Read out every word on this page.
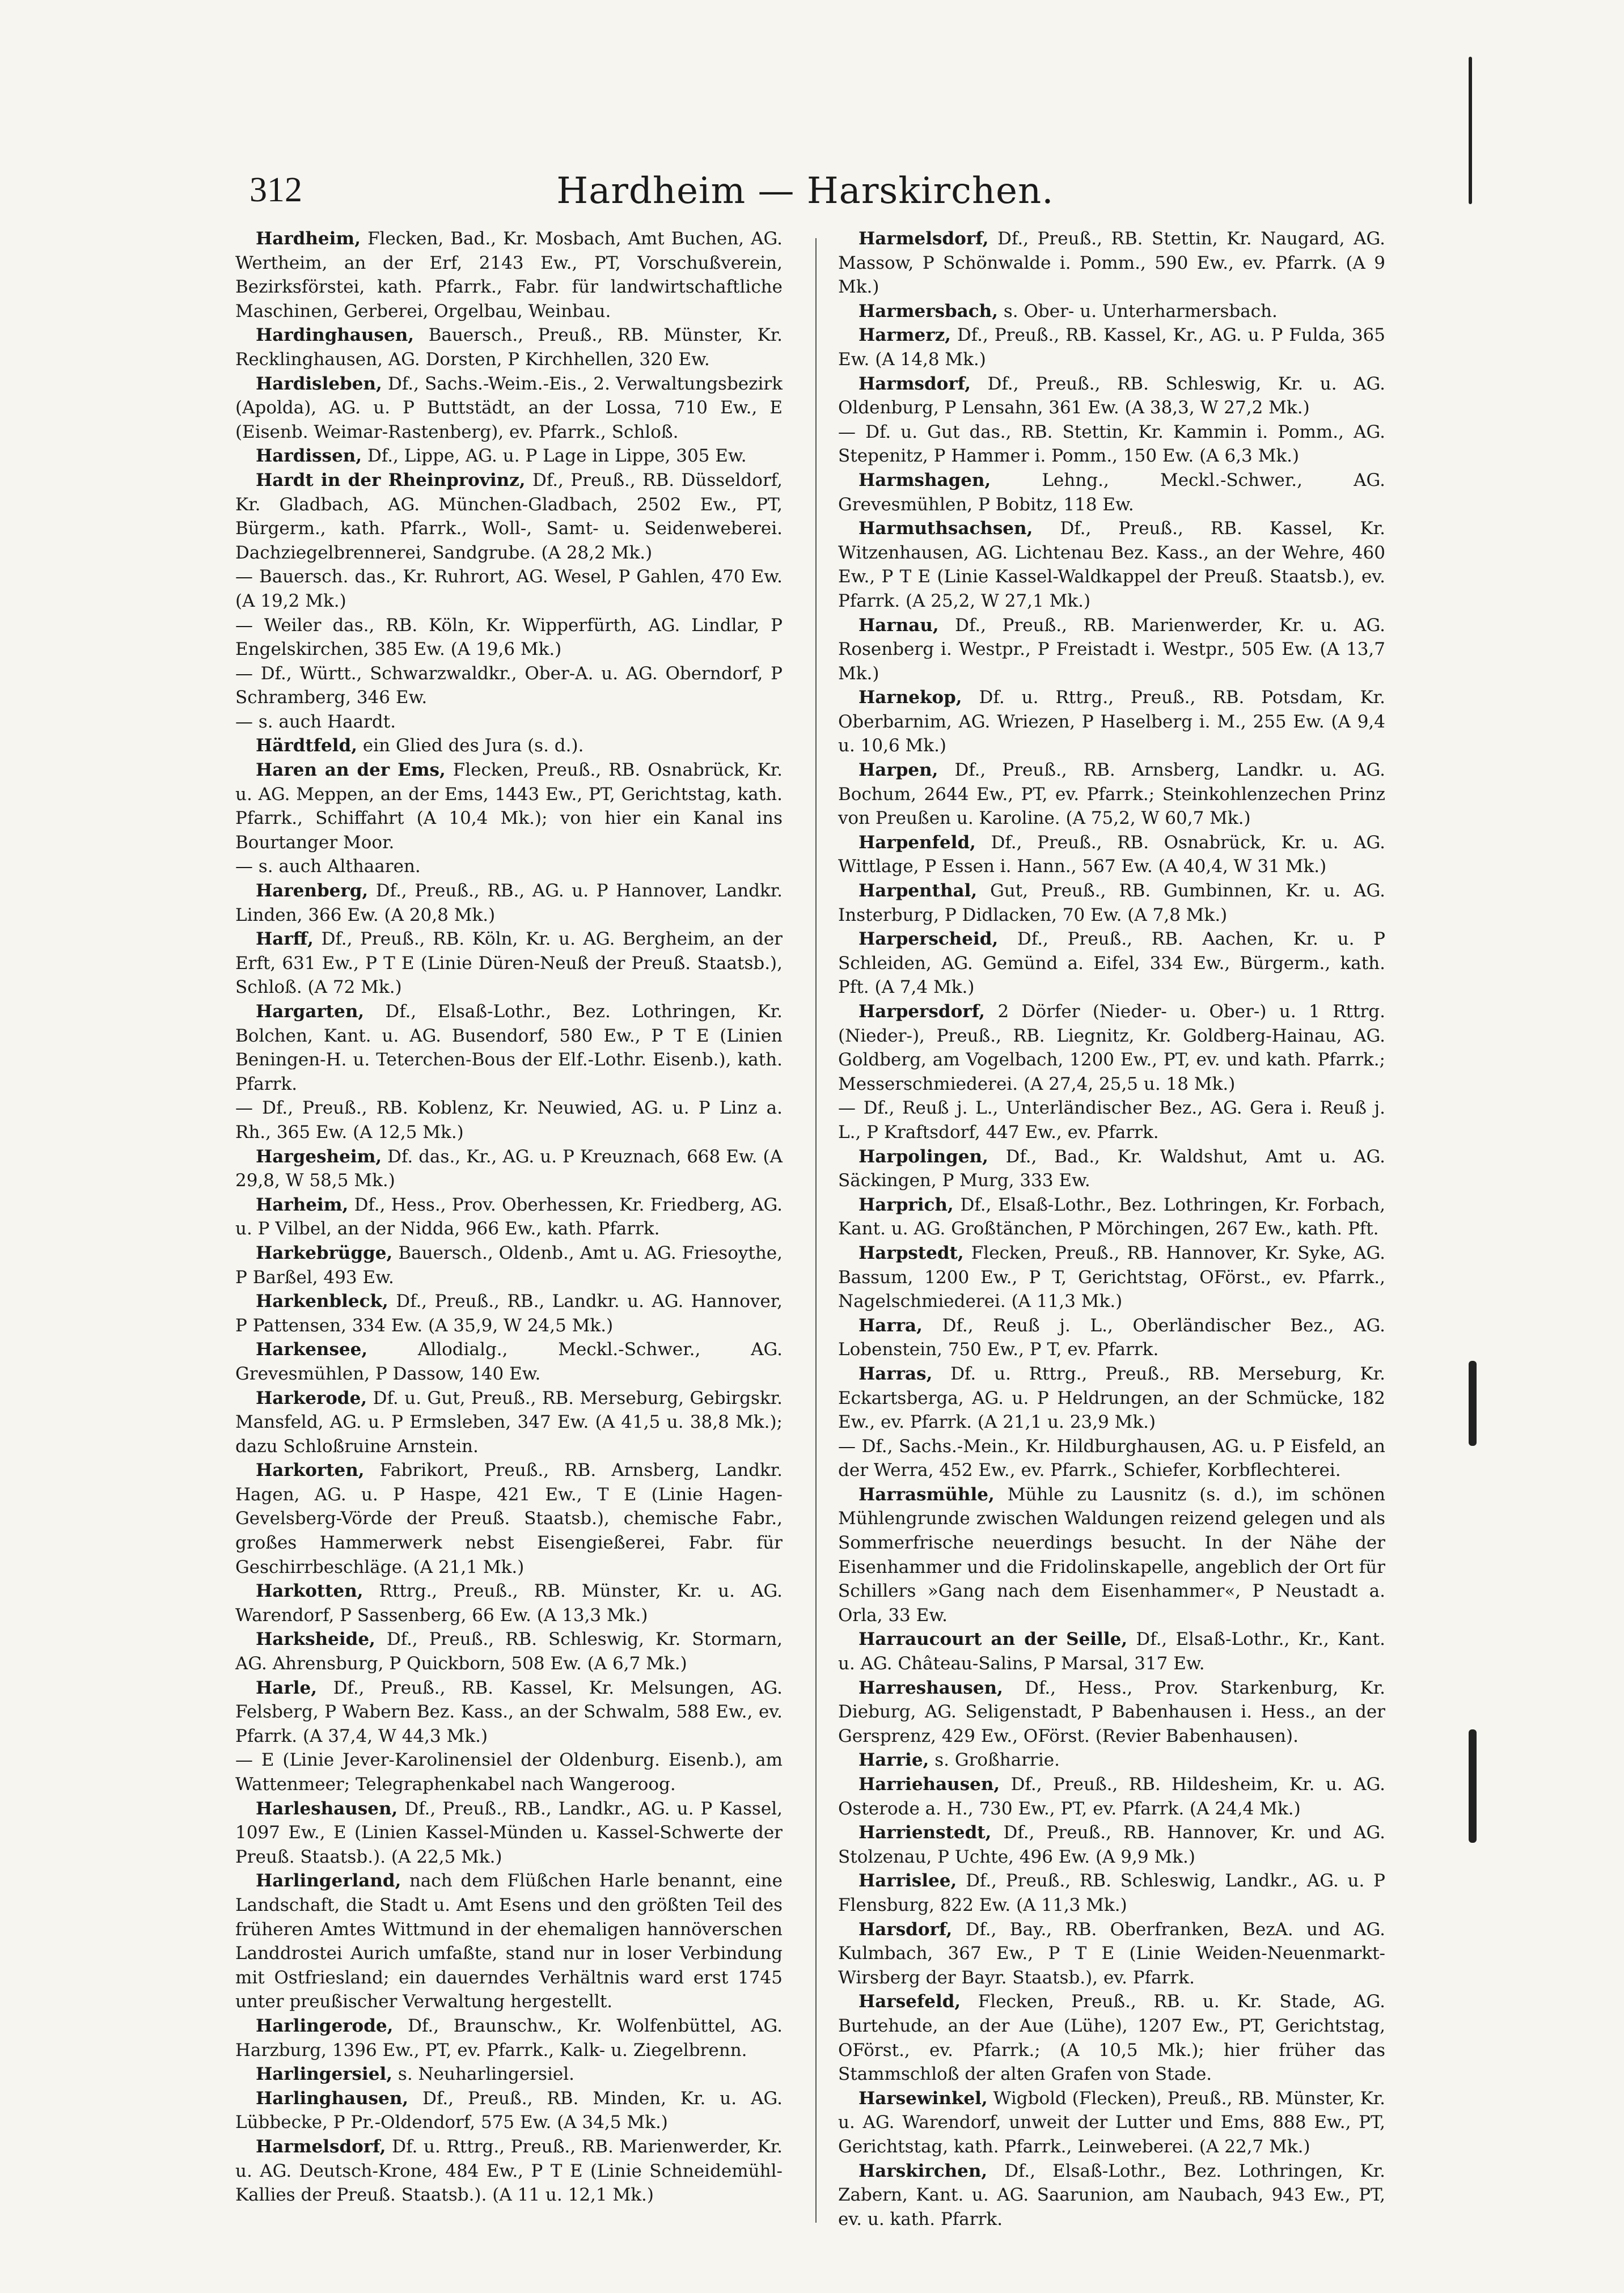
312	Hardheim — Harskirchen.

Hardheim, Flecken, Bad., Kr. Mosbach, Amt Buchen, AG. Wertheim, an der Erf, 2143 Ew., PT, Vorschußverein, Bezirksförstei, kath. Pfarrk., Fabr. für landwirtschaftliche Maschinen, Gerberei, Orgelbau, Weinbau.

Hardinghausen, Bauersch., Preuß., RB. Münster, Kr. Recklinghausen, AG. Dorsten, P Kirchhellen, 320 Ew.

Hardisleben, Df., Sachs.-Weim.-Eis., 2. Verwaltungsbezirk (Apolda), AG. u. P Buttstädt, an der Lossa, 710 Ew., E (Eisenb. Weimar-Rastenberg), ev. Pfarrk., Schloß.

Hardissen, Df., Lippe, AG. u. P Lage in Lippe, 305 Ew.

Hardt in der Rheinprovinz, Df., Preuß., RB. Düsseldorf, Kr. Gladbach, AG. München-Gladbach, 2502 Ew., PT, Bürgerm., kath. Pfarrk., Woll-, Samt- u. Seidenweberei. Dachziegelbrennerei, Sandgrube. (A 28,2 Mk.)

— Bauersch. das., Kr. Ruhrort, AG. Wesel, P Gahlen, 470 Ew. (A 19,2 Mk.)

— Weiler das., RB. Köln, Kr. Wipperfürth, AG. Lindlar, P Engelskirchen, 385 Ew. (A 19,6 Mk.)

— Df., Württ., Schwarzwaldkr., Ober-A. u. AG. Oberndorf, P Schramberg, 346 Ew.

— s. auch Haardt.

Härdtfeld, ein Glied des Jura (s. d.).

Haren an der Ems, Flecken, Preuß., RB. Osnabrück, Kr. u. AG. Meppen, an der Ems, 1443 Ew., PT, Gerichtstag, kath. Pfarrk., Schiffahrt (A 10,4 Mk.); von hier ein Kanal ins Bourtanger Moor.

— s. auch Althaaren.

Harenberg, Df., Preuß., RB., AG. u. P Hannover, Landkr. Linden, 366 Ew. (A 20,8 Mk.)

Harff, Df., Preuß., RB. Köln, Kr. u. AG. Bergheim, an der Erft, 631 Ew., P T E (Linie Düren-Neuß der Preuß. Staatsb.), Schloß. (A 72 Mk.)

Hargarten, Df., Elsaß-Lothr., Bez. Lothringen, Kr. Bolchen, Kant. u. AG. Busendorf, 580 Ew., P T E (Linien Beningen-H. u. Teterchen-Bous der Elf.-Lothr. Eisenb.), kath. Pfarrk.

— Df., Preuß., RB. Koblenz, Kr. Neuwied, AG. u. P Linz a. Rh., 365 Ew. (A 12,5 Mk.)

Hargesheim, Df. das., Kr., AG. u. P Kreuznach, 668 Ew. (A 29,8, W 58,5 Mk.)

Harheim, Df., Hess., Prov. Oberhessen, Kr. Friedberg, AG. u. P Vilbel, an der Nidda, 966 Ew., kath. Pfarrk.

Harkebrügge, Bauersch., Oldenb., Amt u. AG. Friesoythe, P Barßel, 493 Ew.

Harkenbleck, Df., Preuß., RB., Landkr. u. AG. Hannover, P Pattensen, 334 Ew. (A 35,9, W 24,5 Mk.)

Harkensee,	Allodialg., Meckl.-Schwer., AG. Grevesmühlen, P Dassow, 140 Ew.

Harkerode, Df. u. Gut, Preuß., RB. Merseburg, Gebirgskr. Mansfeld, AG. u. P Ermsleben, 347 Ew. (A 41,5 u. 38,8 Mk.); dazu Schloßruine Arnstein.

Harkorten, Fabrikort, Preuß., RB. Arnsberg, Landkr. Hagen, AG. u. P Haspe, 421 Ew., T E (Linie Hagen-Gevelsberg-Vörde der Preuß. Staatsb.), chemische Fabr., großes Hammerwerk nebst Eisengießerei, Fabr. für Geschirrbeschläge. (A 21,1 Mk.)

Harkotten, Rttrg., Preuß., RB. Münster, Kr. u. AG. Warendorf, P Sassenberg, 66 Ew. (A 13,3 Mk.)

Harksheide, Df., Preuß., RB. Schleswig, Kr. Stormarn, AG. Ahrensburg, P Quickborn, 508 Ew. (A 6,7 Mk.)

Harle, Df., Preuß., RB. Kassel, Kr. Melsungen, AG. Felsberg, P Wabern Bez. Kass., an der Schwalm, 588 Ew., ev. Pfarrk. (A 37,4, W 44,3 Mk.)

— E (Linie Jever-Karolinensiel der Oldenburg. Eisenb.), am Wattenmeer; Telegraphenkabel nach Wangeroog.

Harleshausen, Df., Preuß., RB., Landkr., AG. u. P Kassel, 1097 Ew., E (Linien Kassel-Münden u. Kassel-Schwerte der Preuß. Staatsb.). (A 22,5 Mk.)

Harlingerland, nach dem Flüßchen Harle benannt, eine Landschaft, die Stadt u. Amt Esens und den größten Teil des früheren Amtes Wittmund in der ehemaligen hannöverschen Landdrostei Aurich umfaßte, stand nur in loser Verbindung mit Ostfriesland; ein dauerndes Verhältnis ward erst 1745 unter preußischer Verwaltung hergestellt.

Harlingerode, Df., Braunschw., Kr. Wolfenbüttel, AG. Harzburg, 1396 Ew., PT, ev. Pfarrk., Kalk- u. Ziegelbrenn.

Harlingersiel, s. Neuharlingersiel.

Harlinghausen, Df., Preuß., RB. Minden, Kr. u. AG. Lübbecke, P Pr.-Oldendorf, 575 Ew. (A 34,5 Mk.)

Harmelsdorf, Df. u. Rttrg., Preuß., RB. Marienwerder, Kr. u. AG. Deutsch-Krone, 484 Ew., P T E (Linie Schneidemühl-Kallies der Preuß. Staatsb.). (A 11 u. 12,1 Mk.)

Harmelsdorf, Df., Preuß., RB. Stettin, Kr. Naugard, AG. Massow, P Schönwalde i. Pomm., 590 Ew., ev. Pfarrk. (A 9 Mk.)

Harmersbach, s. Ober- u. Unterharmersbach.

Harmerz, Df., Preuß., RB. Kassel, Kr., AG. u. P Fulda, 365 Ew. (A 14,8 Mk.)

Harmsdorf, Df., Preuß., RB. Schleswig, Kr. u. AG. Oldenburg, P Lensahn, 361 Ew. (A 38,3, W 27,2 Mk.)

— Df. u. Gut das., RB. Stettin, Kr. Kammin i. Pomm., AG. Stepenitz, P Hammer i. Pomm., 150 Ew. (A 6,3 Mk.)

Harmshagen,	Lehng., Meckl.-Schwer., AG. Grevesmühlen, P Bobitz, 118 Ew.

Harmuthsachsen, Df., Preuß., RB. Kassel, Kr. Witzenhausen, AG. Lichtenau Bez. Kass., an der Wehre, 460 Ew., P T E (Linie Kassel-Waldkappel der Preuß. Staatsb.), ev. Pfarrk. (A 25,2, W 27,1 Mk.)

Harnau, Df., Preuß., RB. Marienwerder, Kr. u. AG. Rosenberg i. Westpr., P Freistadt i. Westpr., 505 Ew. (A 13,7 Mk.)

Harnekop, Df. u. Rttrg., Preuß., RB. Potsdam, Kr. Oberbarnim, AG. Wriezen, P Haselberg i. M., 255 Ew. (A 9,4 u. 10,6 Mk.)

Harpen, Df., Preuß., RB. Arnsberg, Landkr. u. AG. Bochum, 2644 Ew., PT, ev. Pfarrk.; Steinkohlenzechen Prinz von Preußen u. Karoline. (A 75,2, W 60,7 Mk.)

Harpenfeld, Df., Preuß., RB. Osnabrück, Kr. u. AG. Wittlage, P Essen i. Hann., 567 Ew. (A 40,4, W 31 Mk.)

Harpenthal, Gut, Preuß., RB. Gumbinnen, Kr. u. AG. Insterburg, P Didlacken, 70 Ew. (A 7,8 Mk.)

Harperscheid, Df., Preuß., RB. Aachen, Kr. u. P Schleiden, AG. Gemünd a. Eifel, 334 Ew., Bürgerm., kath. Pft. (A 7,4 Mk.)

Harpersdorf, 2 Dörfer (Nieder- u. Ober-) u. 1 Rttrg. (Nieder-), Preuß., RB. Liegnitz, Kr. Goldberg-Hainau, AG. Goldberg, am Vogelbach, 1200 Ew., PT, ev. und kath. Pfarrk.; Messerschmiederei. (A 27,4, 25,5 u. 18 Mk.)

— Df., Reuß j. L., Unterländischer Bez., AG. Gera i. Reuß j. L., P Kraftsdorf, 447 Ew., ev. Pfarrk.

Harpolingen, Df., Bad., Kr. Waldshut, Amt u. AG. Säckingen, P Murg, 333 Ew.

Harprich, Df., Elsaß-Lothr., Bez. Lothringen, Kr. Forbach, Kant. u. AG. Großtänchen, P Mörchingen, 267 Ew., kath. Pft.

Harpstedt, Flecken, Preuß., RB. Hannover, Kr. Syke, AG. Bassum, 1200 Ew., P T, Gerichtstag, OFörst., ev. Pfarrk., Nagelschmiederei. (A 11,3 Mk.)

Harra, Df., Reuß j. L., Oberländischer Bez., AG. Lobenstein, 750 Ew., P T, ev. Pfarrk.

Harras, Df. u. Rttrg., Preuß., RB. Merseburg, Kr. Eckartsberga, AG. u. P Heldrungen, an der Schmücke, 182 Ew., ev. Pfarrk. (A 21,1 u. 23,9 Mk.)

— Df., Sachs.-Mein., Kr. Hildburghausen, AG. u. P Eisfeld, an der Werra, 452 Ew., ev. Pfarrk., Schiefer, Korbflechterei.

Harrasmühle, Mühle zu Lausnitz (s. d.), im schönen Mühlengrunde zwischen Waldungen reizend gelegen und als Sommerfrische neuerdings besucht. In der Nähe der Eisenhammer und die Fridolinskapelle, angeblich der Ort für Schillers »Gang nach dem Eisenhammer«, P Neustadt a. Orla, 33 Ew.

Harraucourt an der Seille, Df., Elsaß-Lothr., Kr., Kant. u. AG. Château-Salins, P Marsal, 317 Ew.

Harreshausen, Df., Hess., Prov. Starkenburg, Kr. Dieburg, AG. Seligenstadt, P Babenhausen i. Hess., an der Gersprenz, 429 Ew., OFörst. (Revier Babenhausen).

Harrie, s. Großharrie.

Harriehausen, Df., Preuß., RB. Hildesheim, Kr. u. AG. Osterode a. H., 730 Ew., PT, ev. Pfarrk. (A 24,4 Mk.)

Harrienstedt, Df., Preuß., RB. Hannover, Kr. und AG. Stolzenau, P Uchte, 496 Ew. (A 9,9 Mk.)

Harrislee, Df., Preuß., RB. Schleswig, Landkr., AG. u. P Flensburg, 822 Ew. (A 11,3 Mk.)

Harsdorf, Df., Bay., RB. Oberfranken, BezA. und AG. Kulmbach, 367 Ew., P T E (Linie Weiden-Neuenmarkt-Wirsberg der Bayr. Staatsb.), ev. Pfarrk.

Harsefeld, Flecken, Preuß., RB. u. Kr. Stade, AG. Burtehude, an der Aue (Lühe), 1207 Ew., PT, Gerichtstag, OFörst., ev. Pfarrk.; (A 10,5 Mk.); hier früher das Stammschloß der alten Grafen von Stade.

Harsewinkel, Wigbold (Flecken), Preuß., RB. Münster, Kr. u. AG. Warendorf, unweit der Lutter und Ems, 888 Ew., PT, Gerichtstag, kath. Pfarrk., Leinweberei. (A 22,7 Mk.)

Harskirchen, Df., Elsaß-Lothr., Bez. Lothringen, Kr. Zabern, Kant. u. AG. Saarunion, am Naubach, 943 Ew., PT, ev. u. kath. Pfarrk.
